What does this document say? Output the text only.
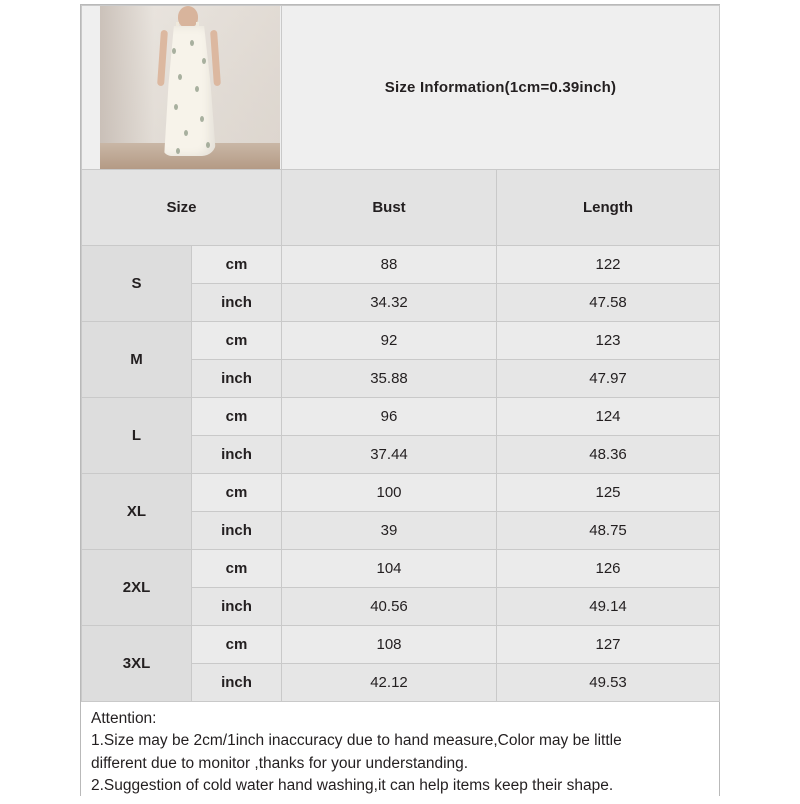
		Size Information(1cm=0.39inch)	
Size		Bust	Length
S	cm	88	122
	inch	34.32	47.58
M	cm	92	123
	inch	35.88	47.97
L	cm	96	124
	inch	37.44	48.36
XL	cm	100	125
	inch	39	48.75
2XL	cm	104	126
	inch	40.56	49.14
3XL	cm	108	127
	inch	42.12	49.53
Attention:
1.Size may be 2cm/1inch inaccuracy due to hand measure,Color may be little
different due to monitor ,thanks for your understanding.
2.Suggestion of cold water hand washing,it can help items keep their shape.
